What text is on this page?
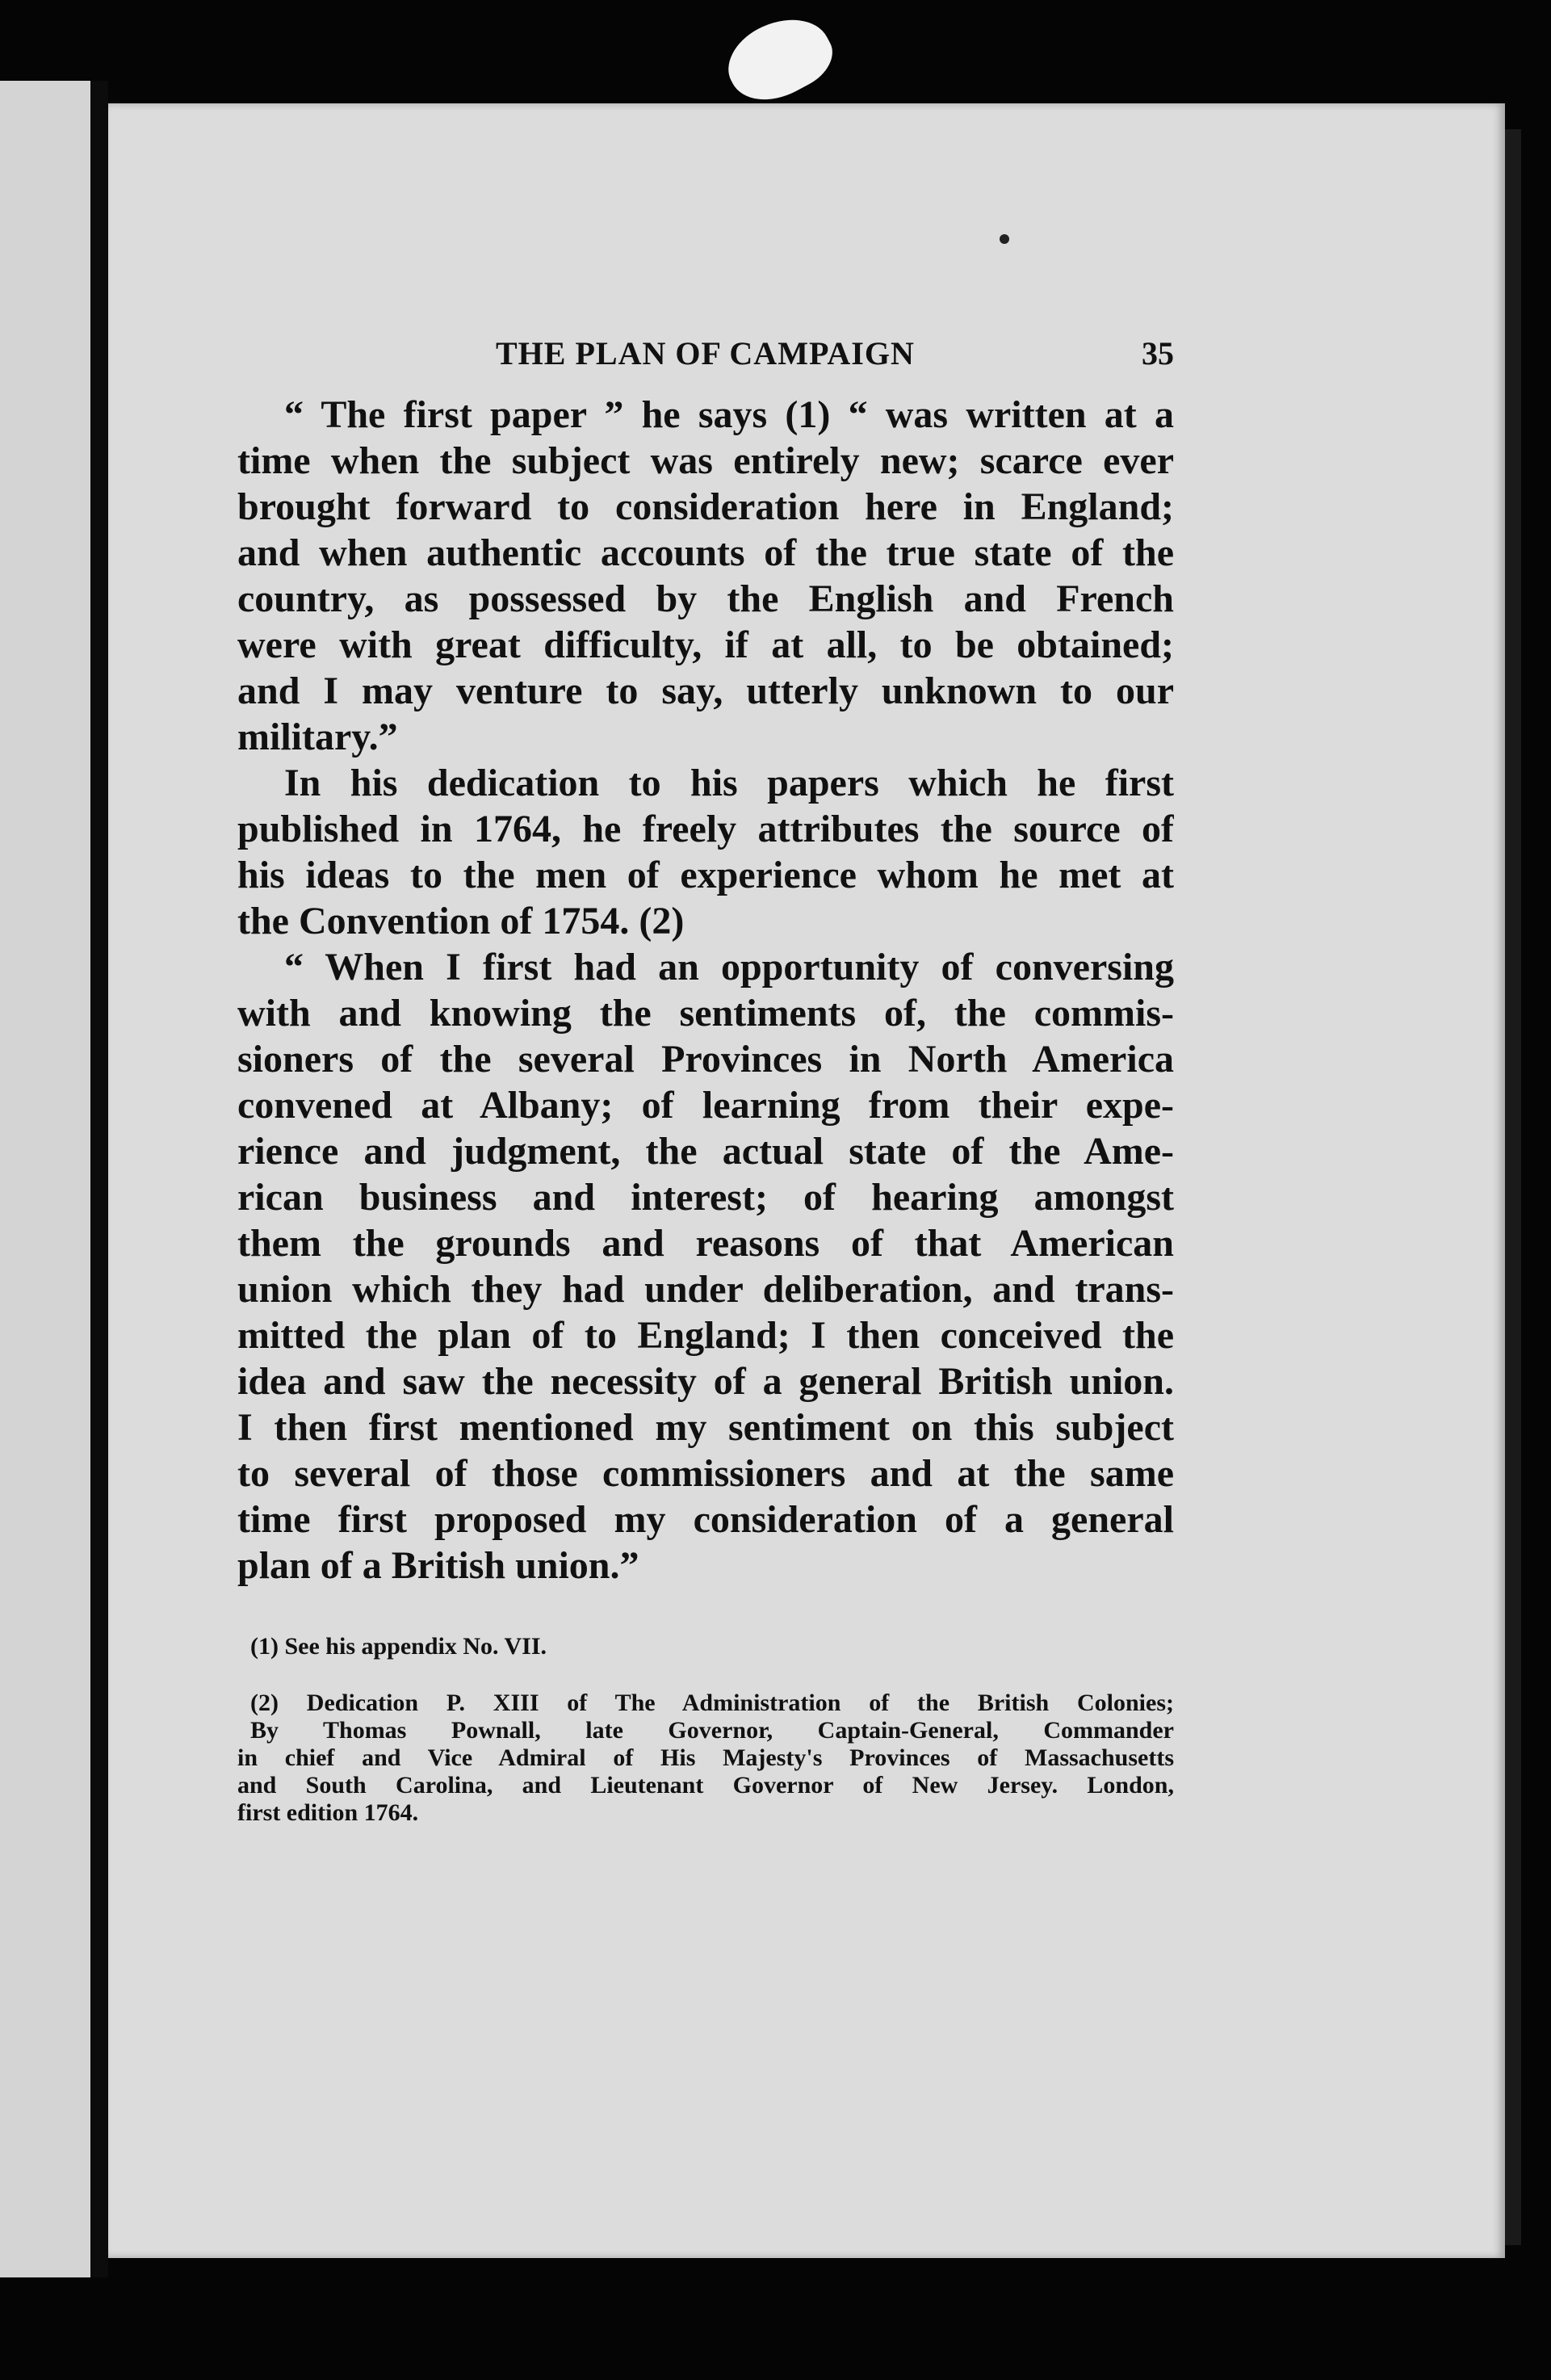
THE PLAN OF CAMPAIGN	35
“ The first paper ” he says (1) “ was written at a
time when the subject was entirely new; scarce ever
brought forward to consideration here in England;
and when authentic accounts of the true state of the
country, as possessed by the English and French
were with great difficulty, if at all, to be obtained;
and I may venture to say, utterly unknown to our
military.”
In his dedication to his papers which he first
published in 1764, he freely attributes the source of
his ideas to the men of experience whom he met at
the Convention of 1754. (2)
“ When I first had an opportunity of conversing
with and knowing the sentiments of, the commis-
sioners of the several Provinces in North America
convened at Albany; of learning from their expe-
rience and judgment, the actual state of the Ame-
rican business and interest; of hearing amongst
them the grounds and reasons of that American
union which they had under deliberation, and trans-
mitted the plan of to England; I then conceived the
idea and saw the necessity of a general British union.
I then first mentioned my sentiment on this subject
to several of those commissioners and at the same
time first proposed my consideration of a general
plan of a British union.”
(1) See his appendix No. VII.
(2) Dedication P. XIII of The Administration of the British Colonies;
By Thomas Pownall, late Governor, Captain-General, Commander
in chief and Vice Admiral of His Majesty's Provinces of Massachusetts
and South Carolina, and Lieutenant Governor of New Jersey. London,
first edition 1764.
